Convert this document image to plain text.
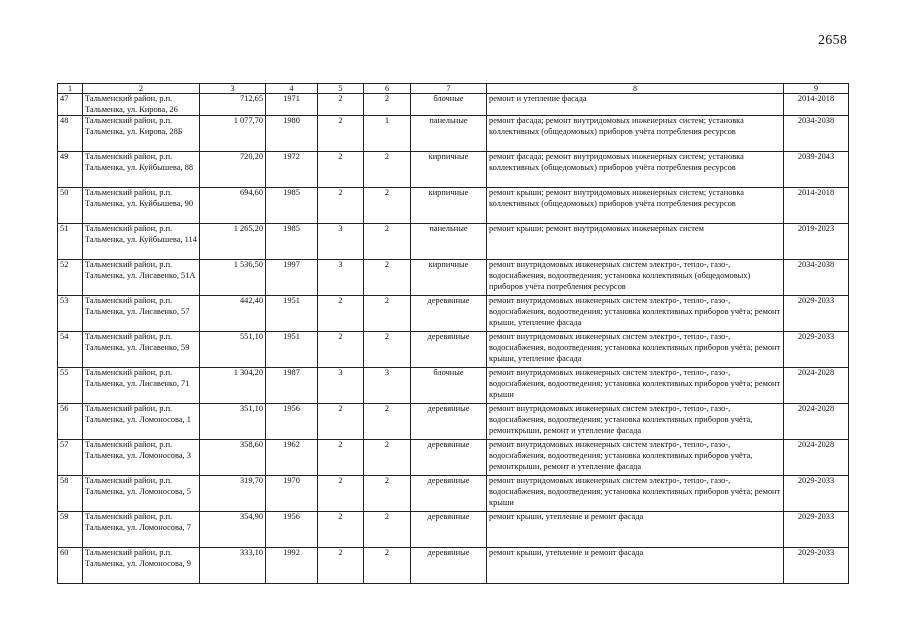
2658
1	2	3	4	5	6	7	8	9
47	Тальменский район, р.п. Тальменка, ул. Кирова, 26	712,65	1971	2	2	блочные	ремонт и утепление фасада	2014-2018
48	Тальменский район, р.п. Тальменка, ул. Кирова, 28Б	1 077,70	1980	2	1	панельные	ремонт фасада; ремонт внутридомовых инженерных систем; установка коллективных (общедомовых) приборов учёта потребления ресурсов	2034-2038
49	Тальменский район, р.п. Тальменка, ул. Куйбышева, 88	720,20	1972	2	2	кирпичные	ремонт фасада; ремонт внутридомовых инженерных систем; установка коллективных (общедомовых) приборов учёта потребления ресурсов	2039-2043
50	Тальменский район, р.п. Тальменка, ул. Куйбышева, 90	694,60	1985	2	2	кирпичные	ремонт крыши; ремонт внутридомовых инженерных систем; установка коллективных (общедомовых) приборов учёта потребления ресурсов	2014-2018
51	Тальменский район, р.п. Тальменка, ул. Куйбышева, 114	1 265,20	1985	3	2	панельные	ремонт крыши; ремонт внутридомовых инженерных систем	2019-2023
52	Тальменский район, р.п. Тальменка, ул. Лисавенко, 51А	1 536,50	1997	3	2	кирпичные	ремонт внутридомовых инженерных систем электро-, тепло-, газо-, водоснабжения, водоотведения; установка коллективных (общедомовых) приборов учёта потребления ресурсов	2034-2038
53	Тальменский район, р.п. Тальменка, ул. Лисавенко, 57	442,40	1951	2	2	деревянные	ремонт внутридомовых инженерных систем электро-, тепло-, газо-, водоснабжения, водоотведения; установка коллективных приборов учёта; ремонт крыши, утепление фасада	2029-2033
54	Тальменский район, р.п. Тальменка, ул. Лисавенко, 59	551,10	1951	2	2	деревянные	ремонт внутридомовых инженерных систем электро-, тепло-, газо-, водоснабжения, водоотведения; установка коллективных приборов учёта; ремонт крыши, утепление фасада	2029-2033
55	Тальменский район, р.п. Тальменка, ул. Лисавенко, 71	1 304,20	1987	3	3	блочные	ремонт внутридомовых инженерных систем электро-, тепло-, газо-, водоснабжения, водоотведения; установка коллективных приборов учёта; ремонт крыши	2024-2028
56	Тальменский район, р.п. Тальменка, ул. Ломоносова, 1	351,10	1956	2	2	деревянные	ремонт внутридомовых инженерных систем электро-, тепло-, газо-, водоснабжения, водоотведения; установка коллективных приборов учёта, ремонткрыши, ремонт и утепление фасада	2024-2028
57	Тальменский район, р.п. Тальменка, ул. Ломоносова, 3	358,60	1962	2	2	деревянные	ремонт внутридомовых инженерных систем электро-, тепло-, газо-, водоснабжения, водоотведения; установка коллективных приборов учёта, ремонткрыши, ремонт и утепление фасада	2024-2028
58	Тальменский район, р.п. Тальменка, ул. Ломоносова, 5	319,70	1970	2	2	деревянные	ремонт внутридомовых инженерных систем электро-, тепло-, газо-, водоснабжения, водоотведения; установка коллективных приборов учёта; ремонт крыши	2029-2033
59	Тальменский район, р.п. Тальменка, ул. Ломоносова, 7	354,90	1956	2	2	деревянные	ремонт крыши, утепление и ремонт фасада	2029-2033
60	Тальменский район, р.п. Тальменка, ул. Ломоносова, 9	333,10	1992	2	2	деревянные	ремонт крыши, утепление и ремонт фасада	2029-2033
